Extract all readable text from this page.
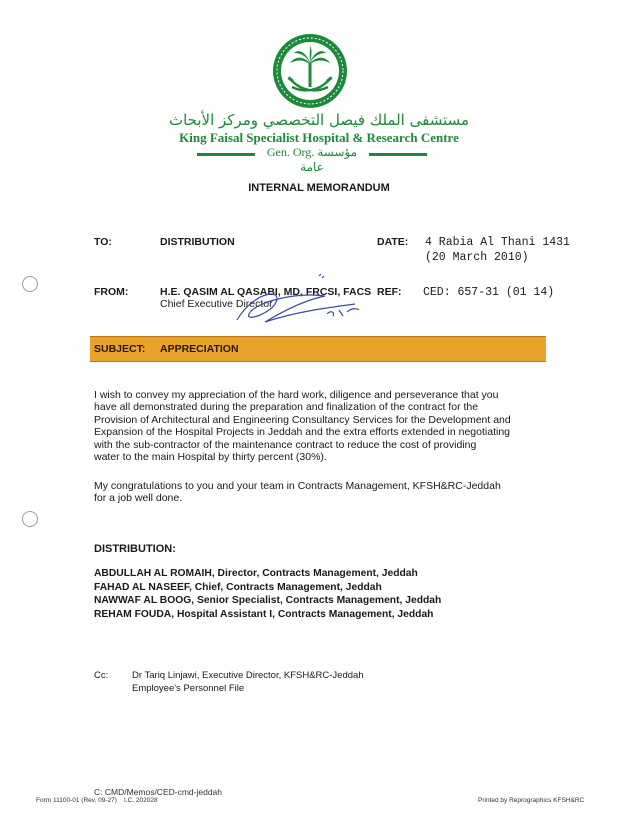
مستشفى الملك فيصل التخصصي ومركز الأبحاث
King Faisal Specialist Hospital & Research Centre
Gen. Org. مؤسسة عامة
INTERNAL MEMORANDUM
TO:	DISTRIBUTION	DATE: 4 Rabia Al Thani 1431
(20 March 2010)
FROM:	H.E. QASIM AL QASABI, MD, FRCSI, FACS
Chief Executive Director
REF: CED: 657-31 (01 14)
SUBJECT: APPRECIATION
I wish to convey my appreciation of the hard work, diligence and perseverance that you
have all demonstrated during the preparation and finalization of the contract for the
Provision of Architectural and Engineering Consultancy Services for the Development and
Expansion of the Hospital Projects in Jeddah and the extra efforts extended in negotiating
with the sub-contractor of the maintenance contract to reduce the cost of providing
water to the main Hospital by thirty percent (30%).
My congratulations to you and your team in Contracts Management, KFSH&RC-Jeddah
for a job well done.
DISTRIBUTION:
ABDULLAH AL ROMAIH, Director, Contracts Management, Jeddah
FAHAD AL NASEEF, Chief, Contracts Management, Jeddah
NAWWAF AL BOOG, Senior Specialist, Contracts Management, Jeddah
REHAM FOUDA, Hospital Assistant I, Contracts Management, Jeddah
Cc:	Dr Tariq Linjawi, Executive Director, KFSH&RC-Jeddah
Employee's Personnel File
C: CMD/Memos/CED-cmd-jeddah
Form 11100-01 (Rev. 09-27) I.C. 202028	Printed by Reprographics KFSH&RC
